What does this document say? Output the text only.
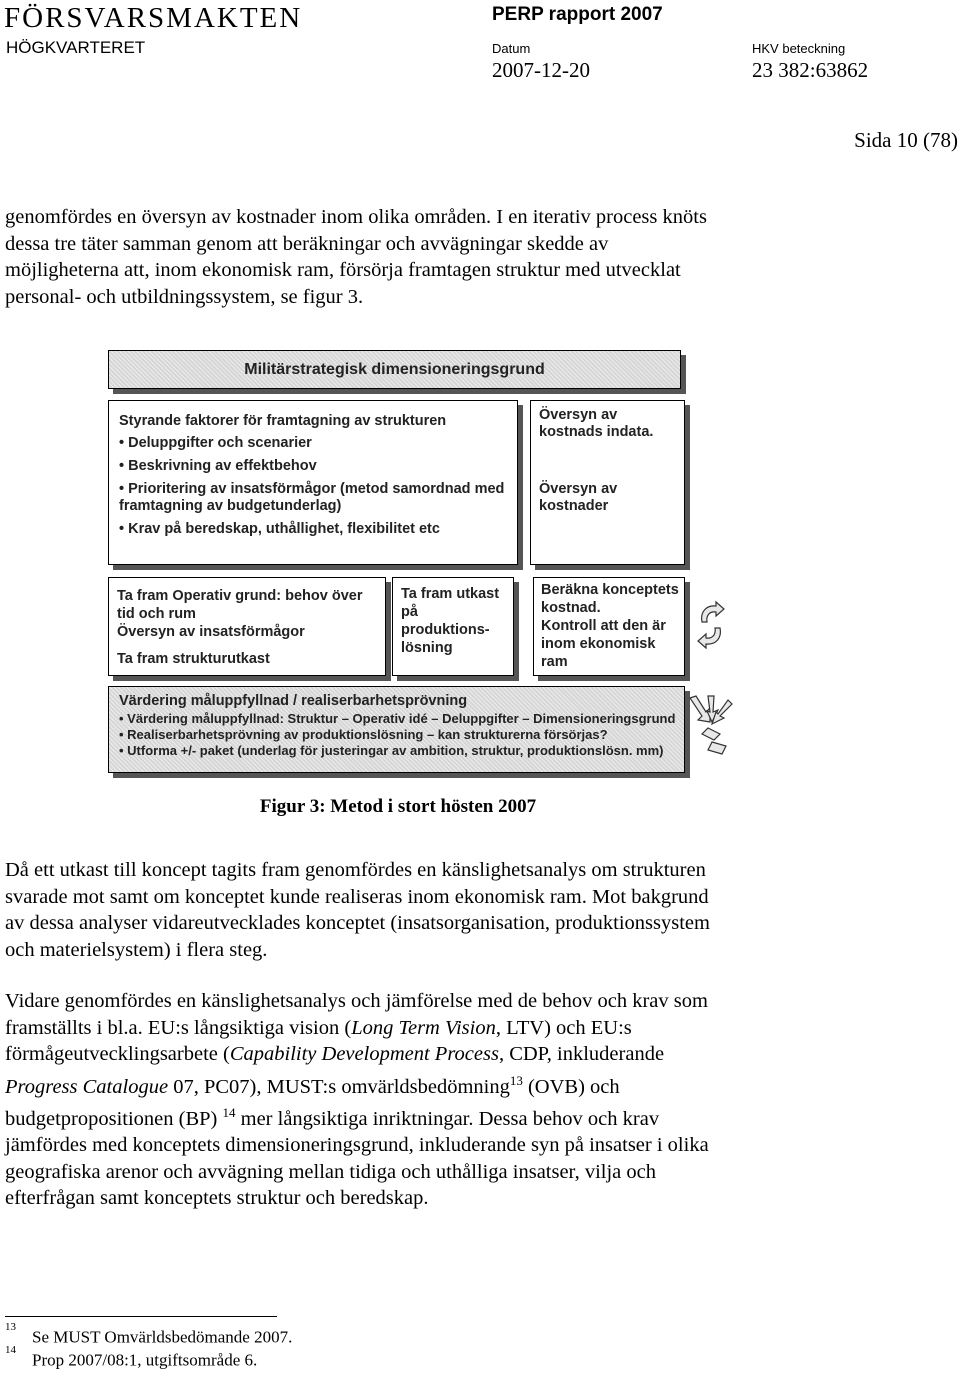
FÖRSVARSMAKTEN
HÖGKVARTERET
PERP rapport 2007
Datum
2007-12-20
HKV beteckning
23 382:63862
Sida 10 (78)

genomfördes en översyn av kostnader inom olika områden. I en iterativ process knöts
dessa tre täter samman genom att beräkningar och avvägningar skedde av
möjligheterna att, inom ekonomisk ram, försörja framtagen struktur med utvecklat
personal- och utbildningssystem, se figur 3.

Militärstrategisk dimensioneringsgrund
Styrande faktorer för framtagning av strukturen
• Deluppgifter och scenarier
• Beskrivning av effektbehov
• Prioritering av insatsförmågor (metod samordnad med framtagning av budgetunderlag)
• Krav på beredskap, uthållighet, flexibilitet etc
Översyn av kostnads indata.
Översyn av kostnader
Ta fram Operativ grund: behov över tid och rum
Översyn av insatsförmågor
Ta fram strukturutkast
Ta fram utkast på produktions-lösning
Beräkna konceptets kostnad.
Kontroll att den är inom ekonomisk ram
Värdering måluppfyllnad / realiserbarhetsprövning
• Värdering måluppfyllnad: Struktur – Operativ idé – Deluppgifter – Dimensioneringsgrund
• Realiserbarhetsprövning av produktionslösning – kan strukturerna försörjas?
• Utforma +/- paket (underlag för justeringar av ambition, struktur, produktionslösn. mm)
Figur 3: Metod i stort hösten 2007

Då ett utkast till koncept tagits fram genomfördes en känslighetsanalys om strukturen
svarade mot samt om konceptet kunde realiseras inom ekonomisk ram. Mot bakgrund
av dessa analyser vidareutvecklades konceptet (insatsorganisation, produktionssystem
och materielsystem) i flera steg.

Vidare genomfördes en känslighetsanalys och jämförelse med de behov och krav som
framställts i bl.a. EU:s långsiktiga vision (Long Term Vision, LTV) och EU:s
förmågeutvecklingsarbete (Capability Development Process, CDP, inkluderande
Progress Catalogue 07, PC07), MUST:s omvärldsbedömning$^{13}$ (OVB) och
budgetpropositionen (BP) $^{14}$ mer långsiktiga inriktningar. Dessa behov och krav
jämfördes med konceptets dimensioneringsgrund, inkluderande syn på insatser i olika
geografiska arenor och avvägning mellan tidiga och uthålliga insatser, vilja och
efterfrågan samt konceptets struktur och beredskap.

$^{13}$Se MUST Omvärldsbedömande 2007.
$^{14}$Prop 2007/08:1, utgiftsområde 6.
